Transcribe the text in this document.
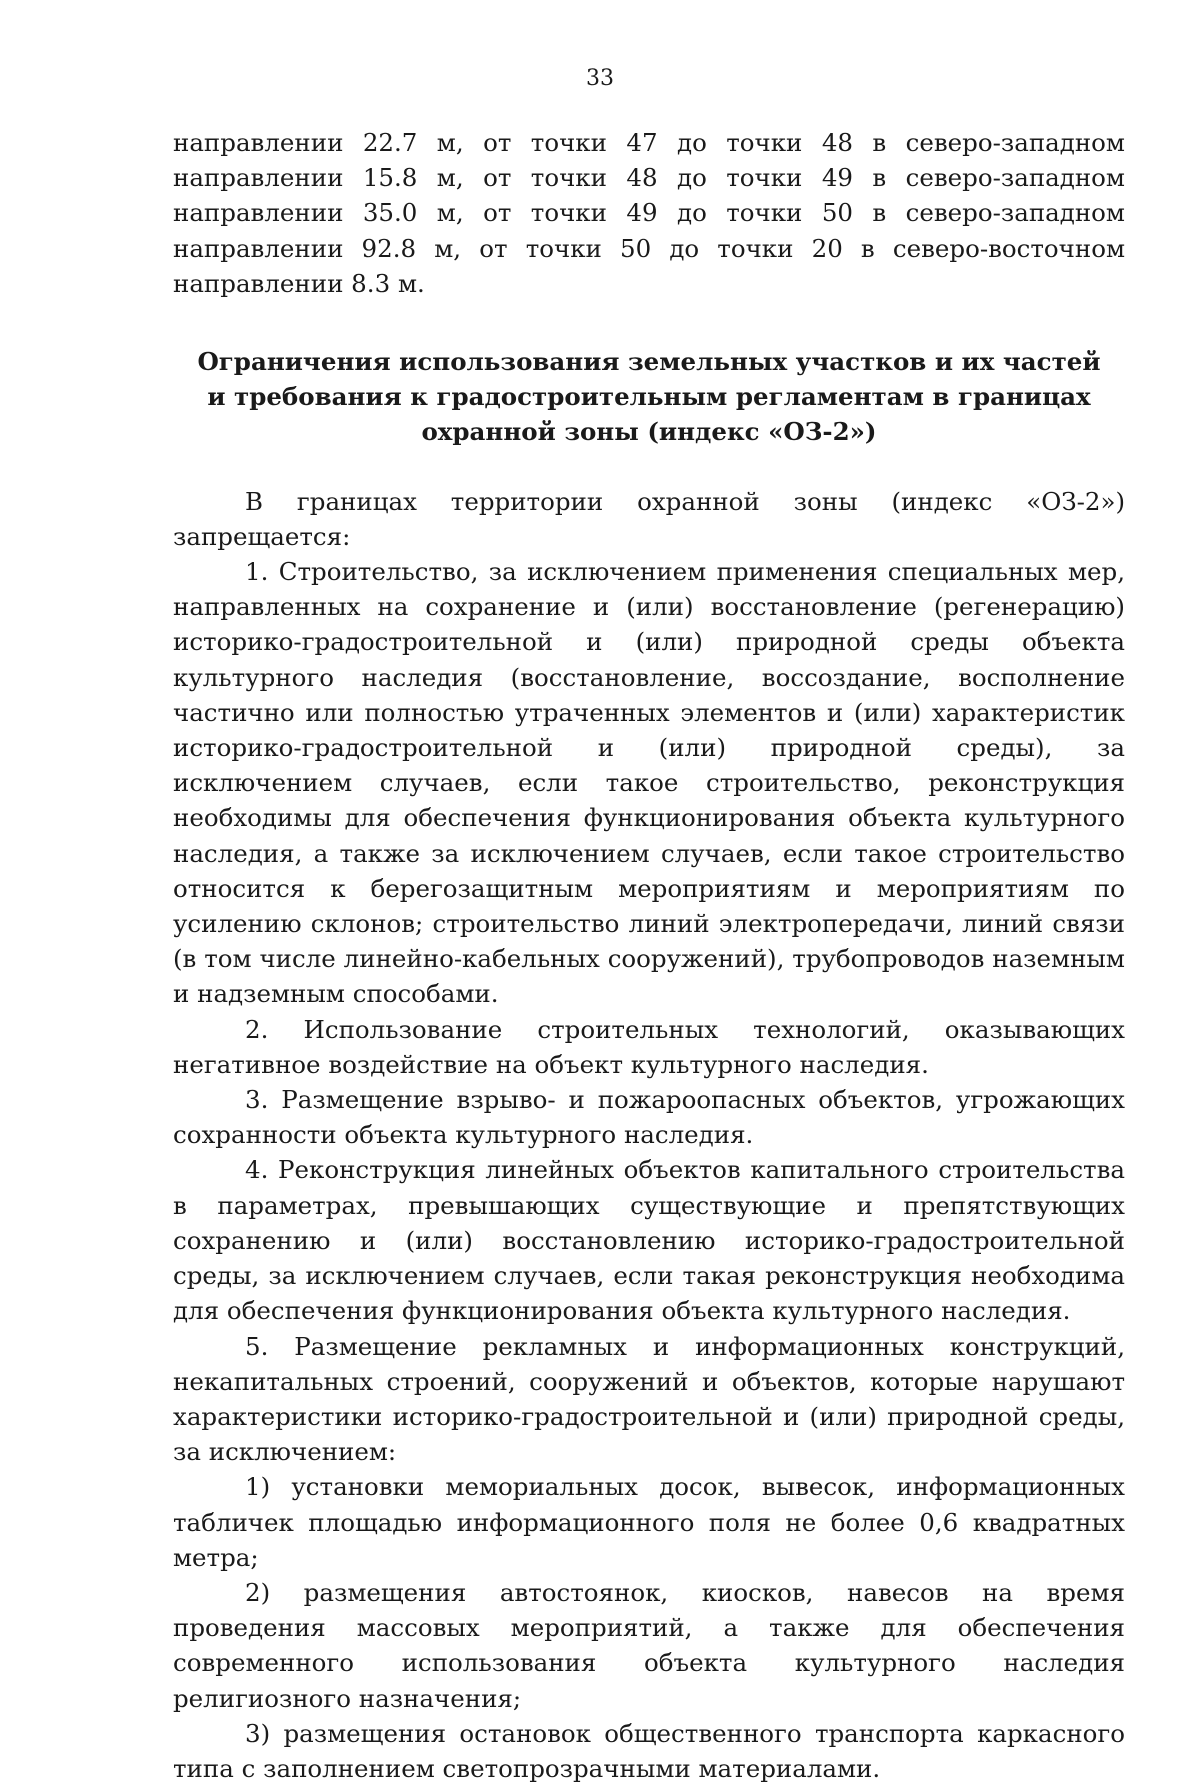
33

направлении 22.7 м, от точки 47 до точки 48 в северо-западном направлении 15.8 м, от точки 48 до точки 49 в северо-западном направлении 35.0 м, от точки 49 до точки 50 в северо-западном направлении 92.8 м, от точки 50 до точки 20 в северо-восточном направлении 8.3 м.

Ограничения использования земельных участков и их частей
и требования к градостроительным регламентам в границах
охранной зоны (индекс «ОЗ-2»)

В границах территории охранной зоны (индекс «ОЗ-2») запрещается:

1. Строительство, за исключением применения специальных мер, направленных на сохранение и (или) восстановление (регенерацию) историко-градостроительной и (или) природной среды объекта культурного наследия (восстановление, воссоздание, восполнение частично или полностью утраченных элементов и (или) характеристик историко-градостроительной и (или) природной среды), за исключением случаев, если такое строительство, реконструкция необходимы для обеспечения функционирования объекта культурного наследия, а также за исключением случаев, если такое строительство относится к берегозащитным мероприятиям и мероприятиям по усилению склонов; строительство линий электропередачи, линий связи (в том числе линейно-кабельных сооружений), трубопроводов наземным и надземным способами.

2. Использование строительных технологий, оказывающих негативное воздействие на объект культурного наследия.

3. Размещение взрыво- и пожароопасных объектов, угрожающих сохранности объекта культурного наследия.

4. Реконструкция линейных объектов капитального строительства в параметрах, превышающих существующие и препятствующих сохранению и (или) восстановлению историко-градостроительной среды, за исключением случаев, если такая реконструкция необходима для обеспечения функционирования объекта культурного наследия.

5. Размещение рекламных и информационных конструкций, некапитальных строений, сооружений и объектов, которые нарушают характеристики историко-градостроительной и (или) природной среды, за исключением:

1) установки мемориальных досок, вывесок, информационных табличек площадью информационного поля не более 0,6 квадратных метра;

2) размещения автостоянок, киосков, навесов на время проведения массовых мероприятий, а также для обеспечения современного использования объекта культурного наследия религиозного назначения;

3) размещения остановок общественного транспорта каркасного типа с заполнением светопрозрачными материалами.
